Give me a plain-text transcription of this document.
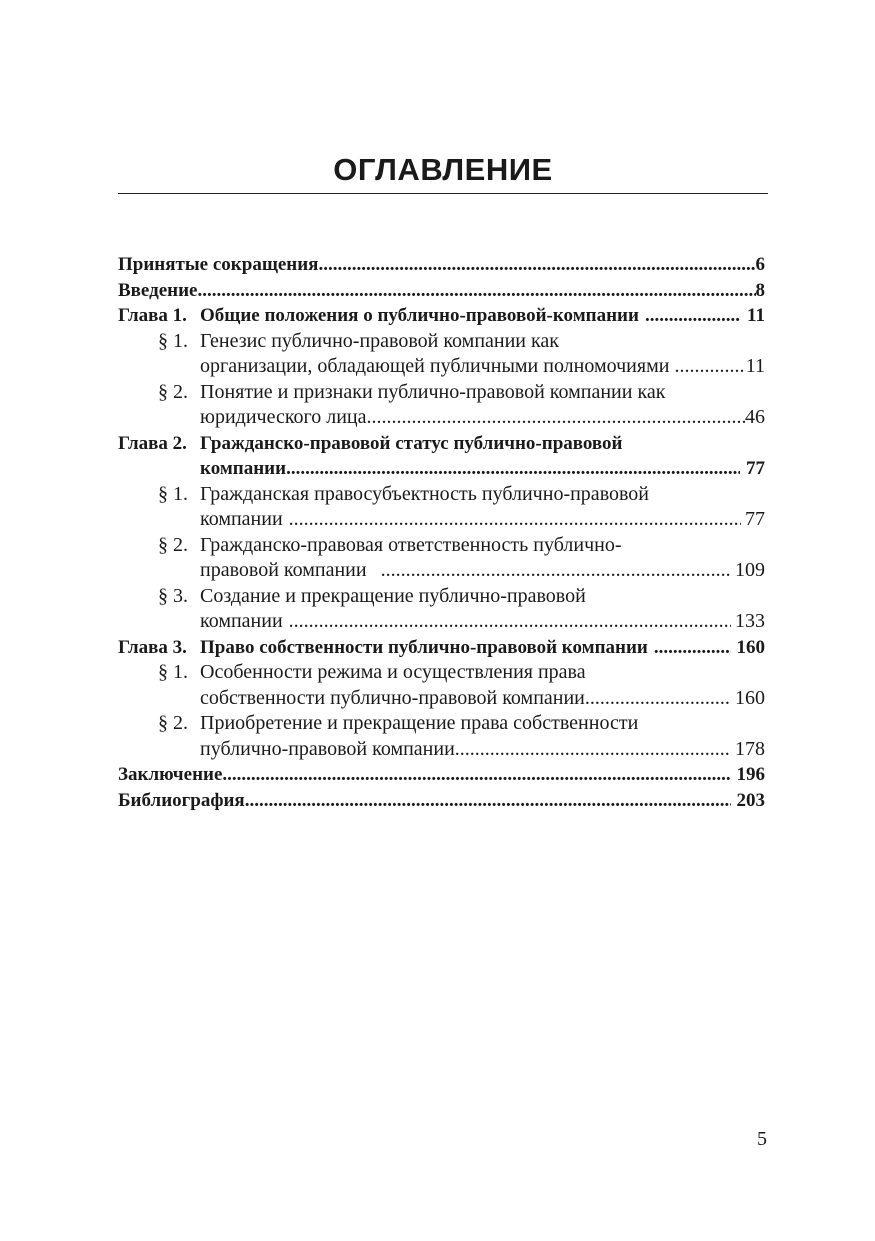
ОГЛАВЛЕНИЕ
Принятые сокращения .....	6
Введение .....	8
Глава 1. Общие положения о публично-правовой-компании .....	11
§ 1. Генезис публично-правовой компании как
организации, обладающей публичными полномочиями .....	11
§ 2. Понятие и признаки публично-правовой компании как
юридического лица .....	46
Глава 2. Гражданско-правовой статус публично-правовой
компании .....	77
§ 1. Гражданская правосубъектность публично-правовой
компании .....	77
§ 2. Гражданско-правовая ответственность публично-
правовой компании .....	109
§ 3. Создание и прекращение публично-правовой
компании .....	133
Глава 3. Право собственности публично-правовой компании .....	160
§ 1. Особенности режима и осуществления права
собственности публично-правовой компании .....	160
§ 2. Приобретение и прекращение права собственности
публично-правовой компании .....	178
Заключение .....	196
Библиография .....	203
5
